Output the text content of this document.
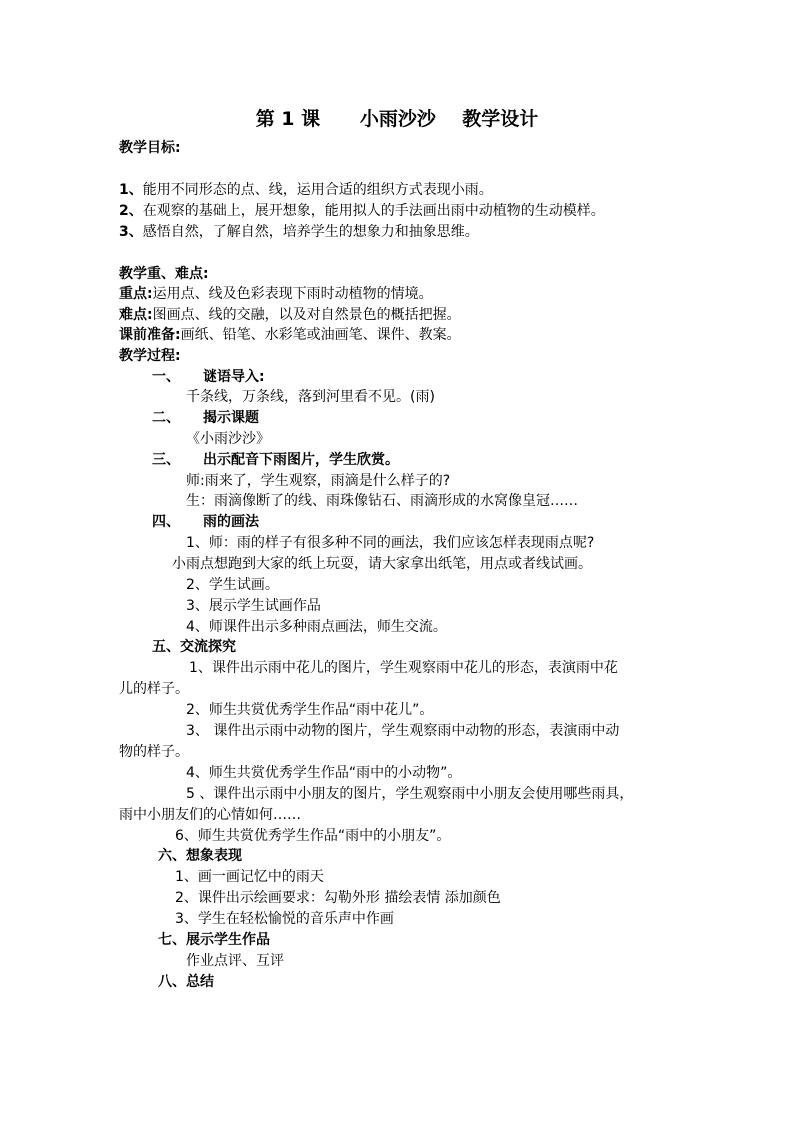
第 1 课      小雨沙沙    教学设计
教学目标:
1、能用不同形态的点、线，运用合适的组织方式表现小雨。
2、在观察的基础上，展开想象，能用拟人的手法画出雨中动植物的生动模样。
3、感悟自然，了解自然，培养学生的想象力和抽象思维。
教学重、难点:
重点:运用点、线及色彩表现下雨时动植物的情境。
难点:图画点、线的交融，以及对自然景色的概括把握。
课前准备:画纸、铅笔、水彩笔或油画笔、课件、教案。
教学过程:
一、 谜语导入:
千条线，万条线，落到河里看不见。(雨)
二、 揭示课题
《小雨沙沙》
三、 出示配音下雨图片，学生欣赏。
师:雨来了，学生观察，雨滴是什么样子的?
生：雨滴像断了的线、雨珠像钻石、雨滴形成的水窝像皇冠……
四、 雨的画法
1、师：雨的样子有很多种不同的画法，我们应该怎样表现雨点呢?
小雨点想跑到大家的纸上玩耍，请大家拿出纸笔，用点或者线试画。
2、学生试画。
3、展示学生试画作品
4、师课件出示多种雨点画法，师生交流。
五、交流探究
1、课件出示雨中花儿的图片，学生观察雨中花儿的形态，表演雨中花
儿的样子。
2、师生共赏优秀学生作品“雨中花儿”。
3、 课件出示雨中动物的图片，学生观察雨中动物的形态，表演雨中动
物的样子。
4、师生共赏优秀学生作品“雨中的小动物”。
5 、课件出示雨中小朋友的图片，学生观察雨中小朋友会使用哪些雨具，
雨中小朋友们的心情如何……
6、师生共赏优秀学生作品“雨中的小朋友”。
六、想象表现
1、画一画记忆中的雨天
2、课件出示绘画要求：勾勒外形 描绘表情 添加颜色
3、学生在轻松愉悦的音乐声中作画
七、展示学生作品
作业点评、互评
八、总结
